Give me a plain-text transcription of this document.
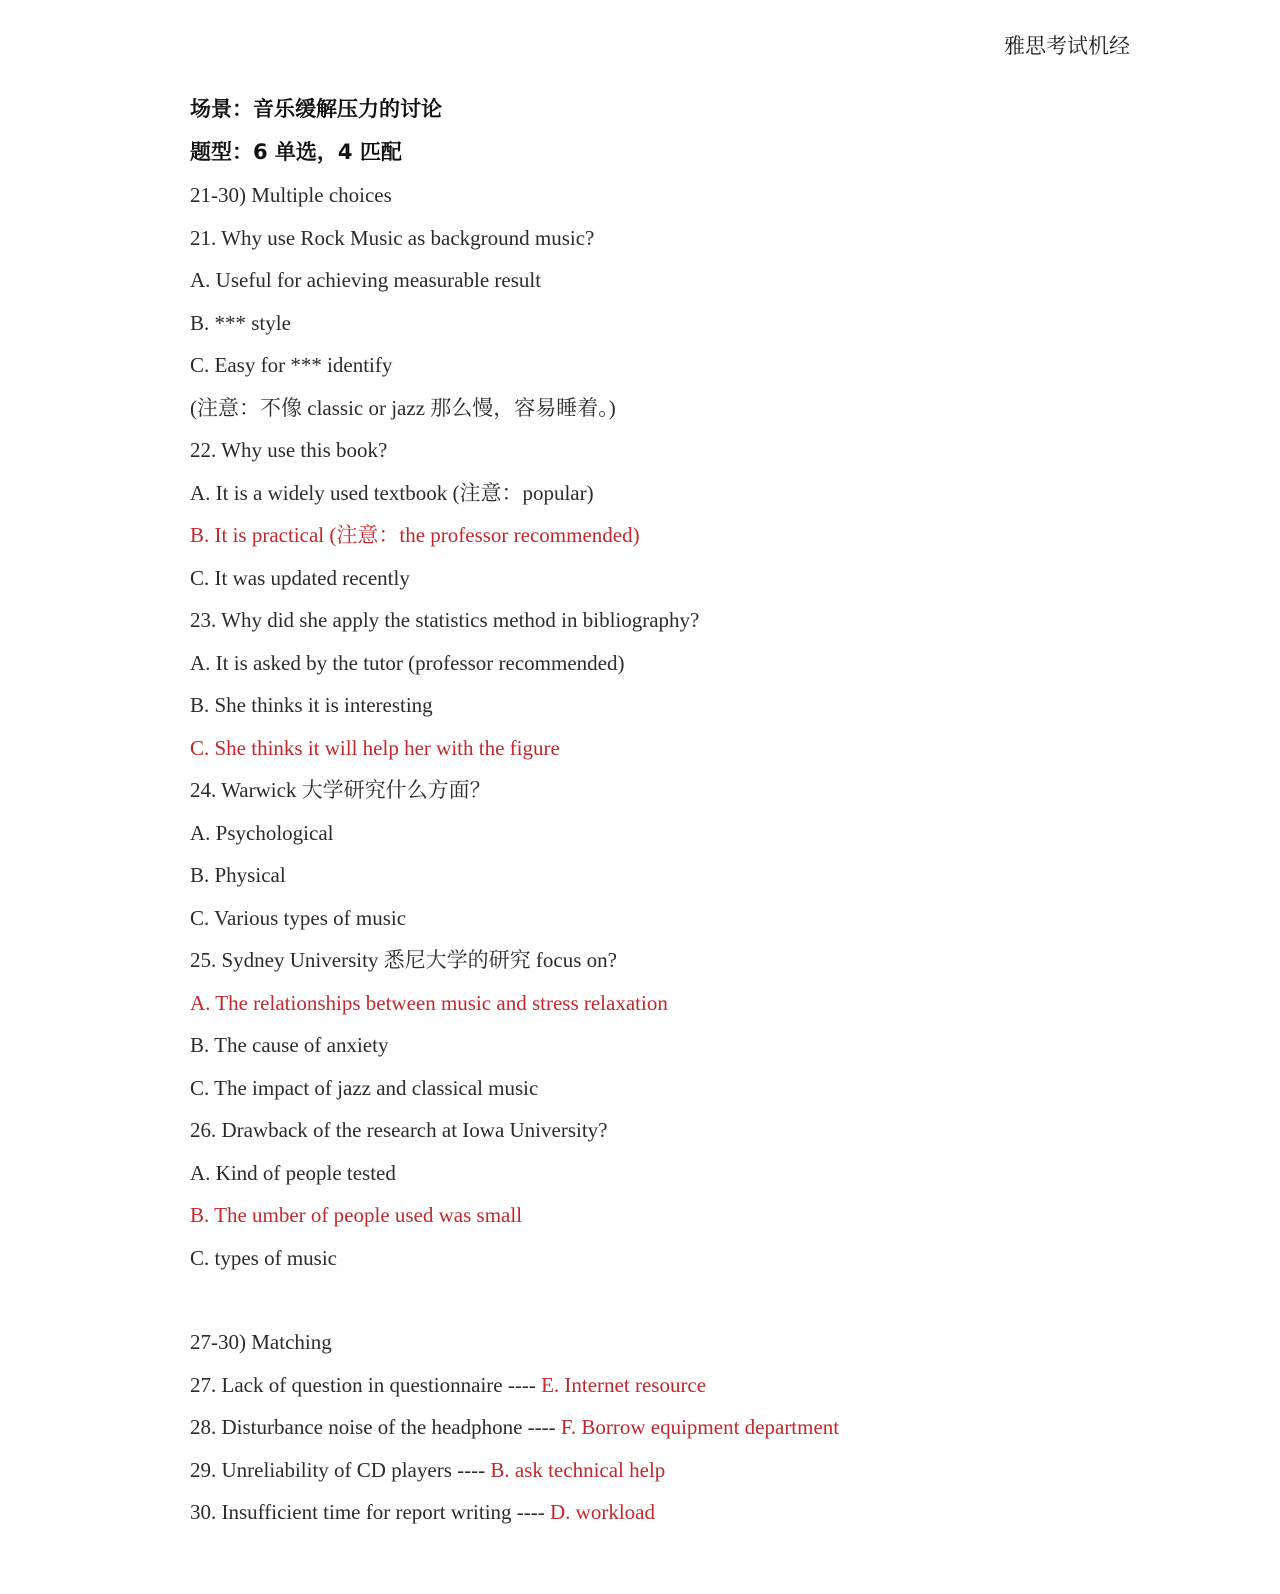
雅思考试机经
场景：音乐缓解压力的讨论
题型：6 单选，4 匹配
21-30) Multiple choices
21. Why use Rock Music as background music?
A. Useful for achieving measurable result
B. *** style
C. Easy for *** identify
(注意：不像 classic or jazz 那么慢，容易睡着。)
22. Why use this book?
A. It is a widely used textbook (注意：popular)
B. It is practical (注意：the professor recommended)
C. It was updated recently
23. Why did she apply the statistics method in bibliography?
A. It is asked by the tutor (professor recommended)
B. She thinks it is interesting
C. She thinks it will help her with the figure
24. Warwick 大学研究什么方面？
A. Psychological
B. Physical
C. Various types of music
25. Sydney University 悉尼大学的研究 focus on?
A. The relationships between music and stress relaxation
B. The cause of anxiety
C. The impact of jazz and classical music
26. Drawback of the research at Iowa University?
A. Kind of people tested
B. The umber of people used was small
C. types of music
27-30) Matching
27. Lack of question in questionnaire ---- E. Internet resource
28. Disturbance noise of the headphone ---- F. Borrow equipment department
29. Unreliability of CD players ---- B. ask technical help
30. Insufficient time for report writing ---- D. workload
